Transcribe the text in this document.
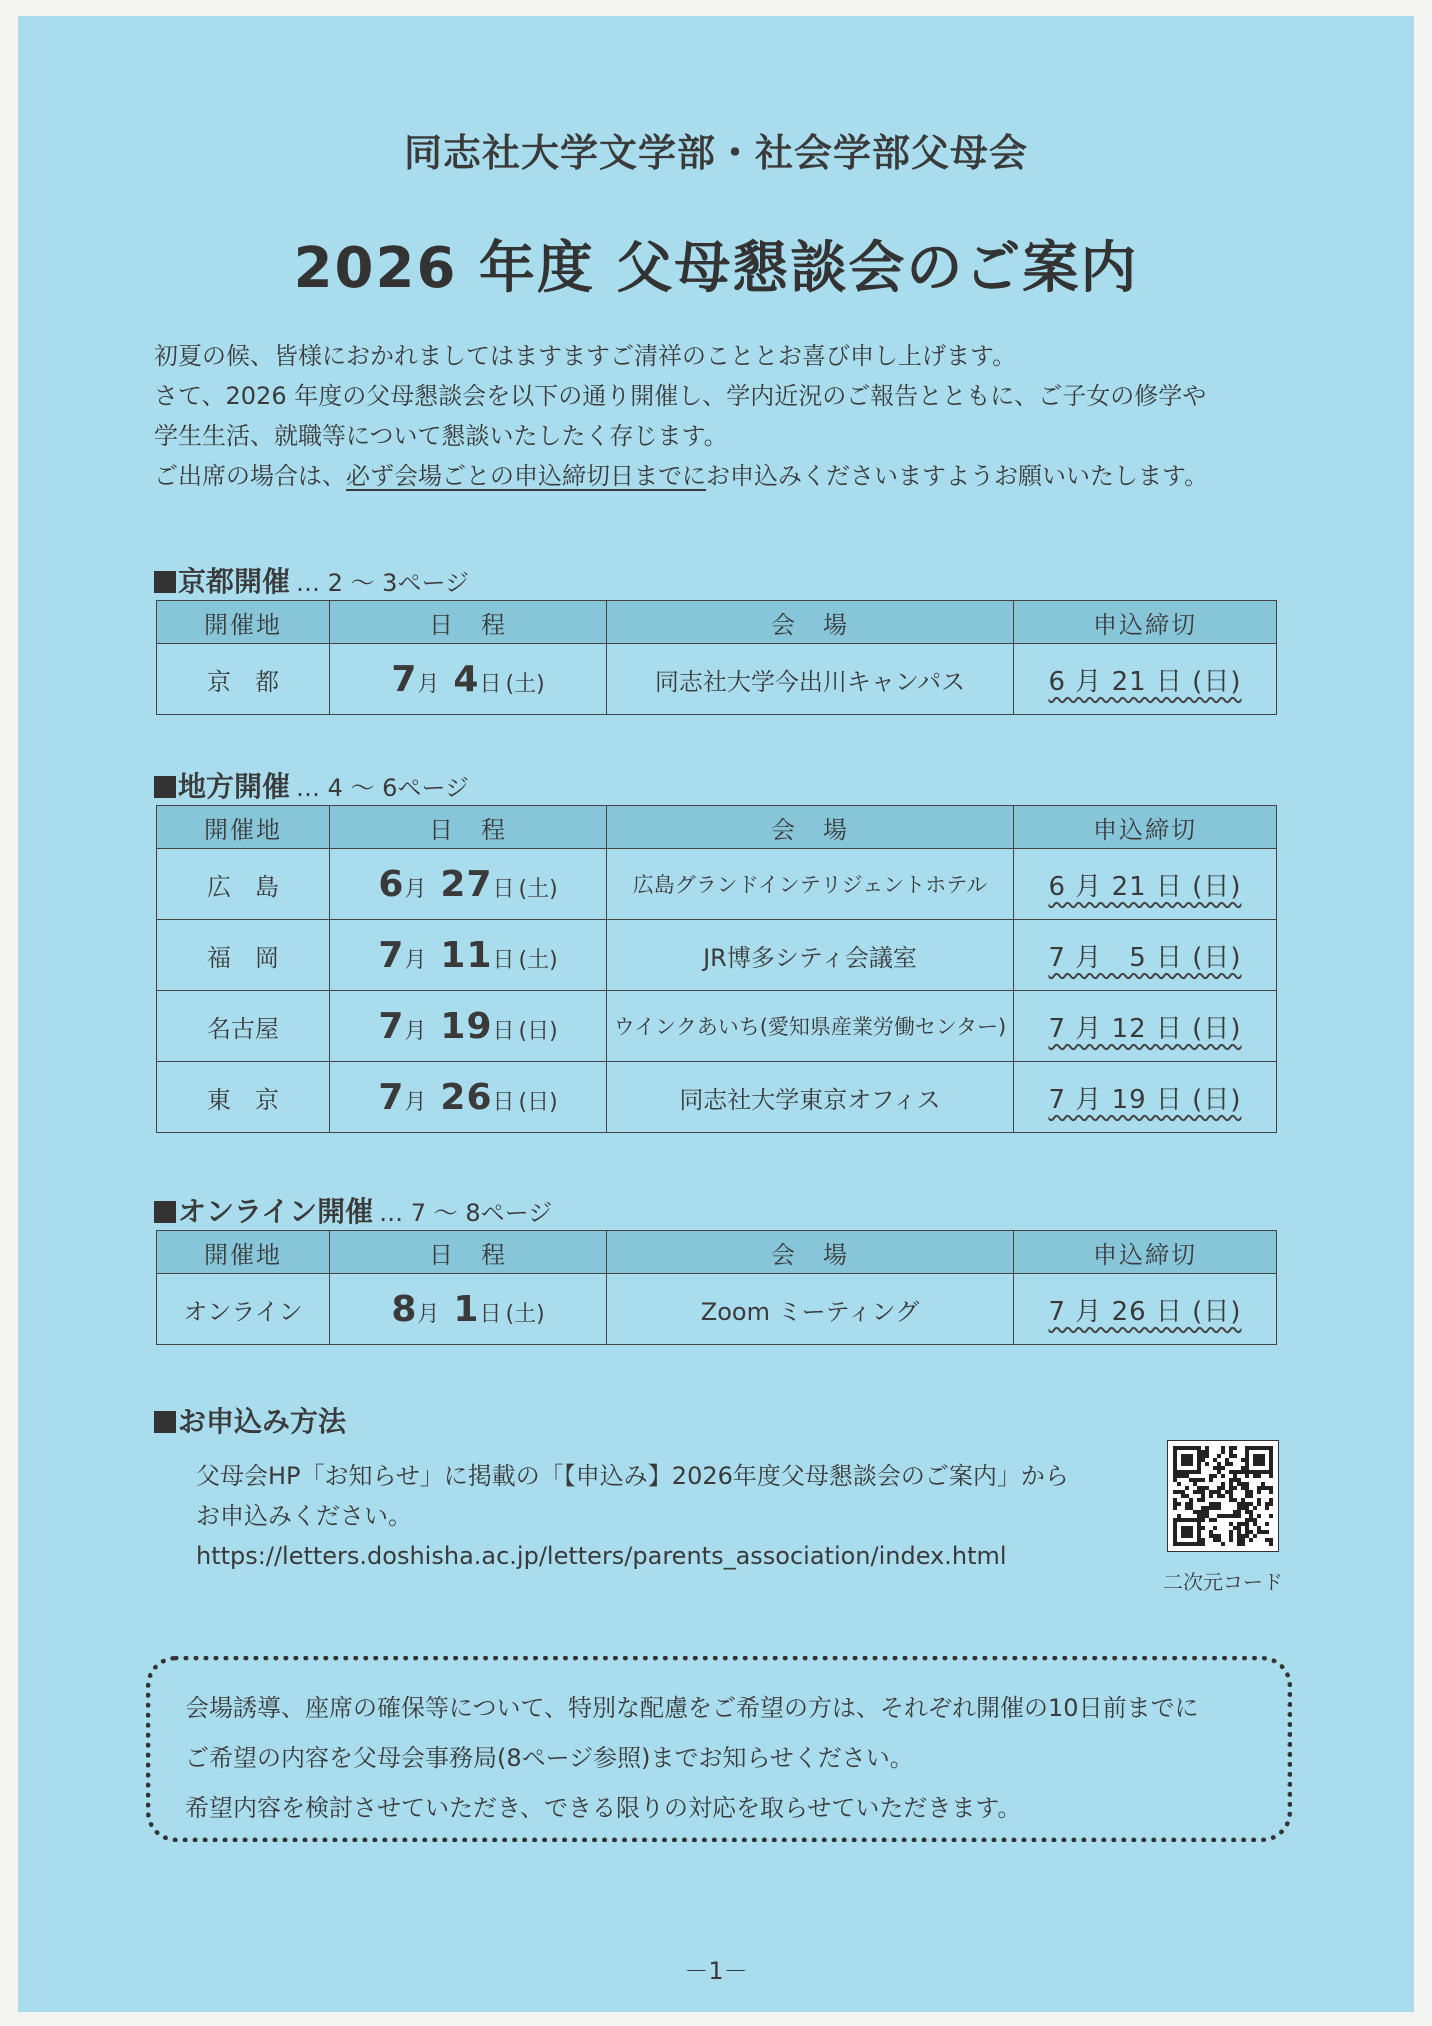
同志社大学文学部・社会学部父母会
2026 年度 父母懇談会のご案内
初夏の候、皆様におかれましてはますますご清祥のこととお喜び申し上げます。
さて、2026 年度の父母懇談会を以下の通り開催し、学内近況のご報告とともに、ご子女の修学や
学生生活、就職等について懇談いたしたく存じます。
ご出席の場合は、必ず会場ごとの申込締切日までにお申込みくださいますようお願いいたします。
京都開催 … 2 ～ 3ページ
開催地	日　程	会　場	申込締切
京　都	7月 4日 (土)	同志社大学今出川キャンパス	6 月 21 日 (日)
地方開催 … 4 ～ 6ページ
開催地	日　程	会　場	申込締切
広　島	6月 27日 (土)	広島グランドインテリジェントホテル	6 月 21 日 (日)
福　岡	7月 11日 (土)	JR博多シティ会議室	7 月　5 日 (日)
名古屋	7月 19日 (日)	ウインクあいち(愛知県産業労働センター)	7 月 12 日 (日)
東　京	7月 26日 (日)	同志社大学東京オフィス	7 月 19 日 (日)
オンライン開催 … 7 ～ 8ページ
開催地	日　程	会　場	申込締切
オンライン	8月 1日 (土)	Zoom ミーティング	7 月 26 日 (日)
お申込み方法
父母会HP「お知らせ」に掲載の「【申込み】2026年度父母懇談会のご案内」から
お申込みください。
https://letters.doshisha.ac.jp/letters/parents_association/index.html
二次元コード
会場誘導、座席の確保等について、特別な配慮をご希望の方は、それぞれ開催の10日前までに
ご希望の内容を父母会事務局(8ページ参照)までお知らせください。
希望内容を検討させていただき、できる限りの対応を取らせていただきます。
－1－
